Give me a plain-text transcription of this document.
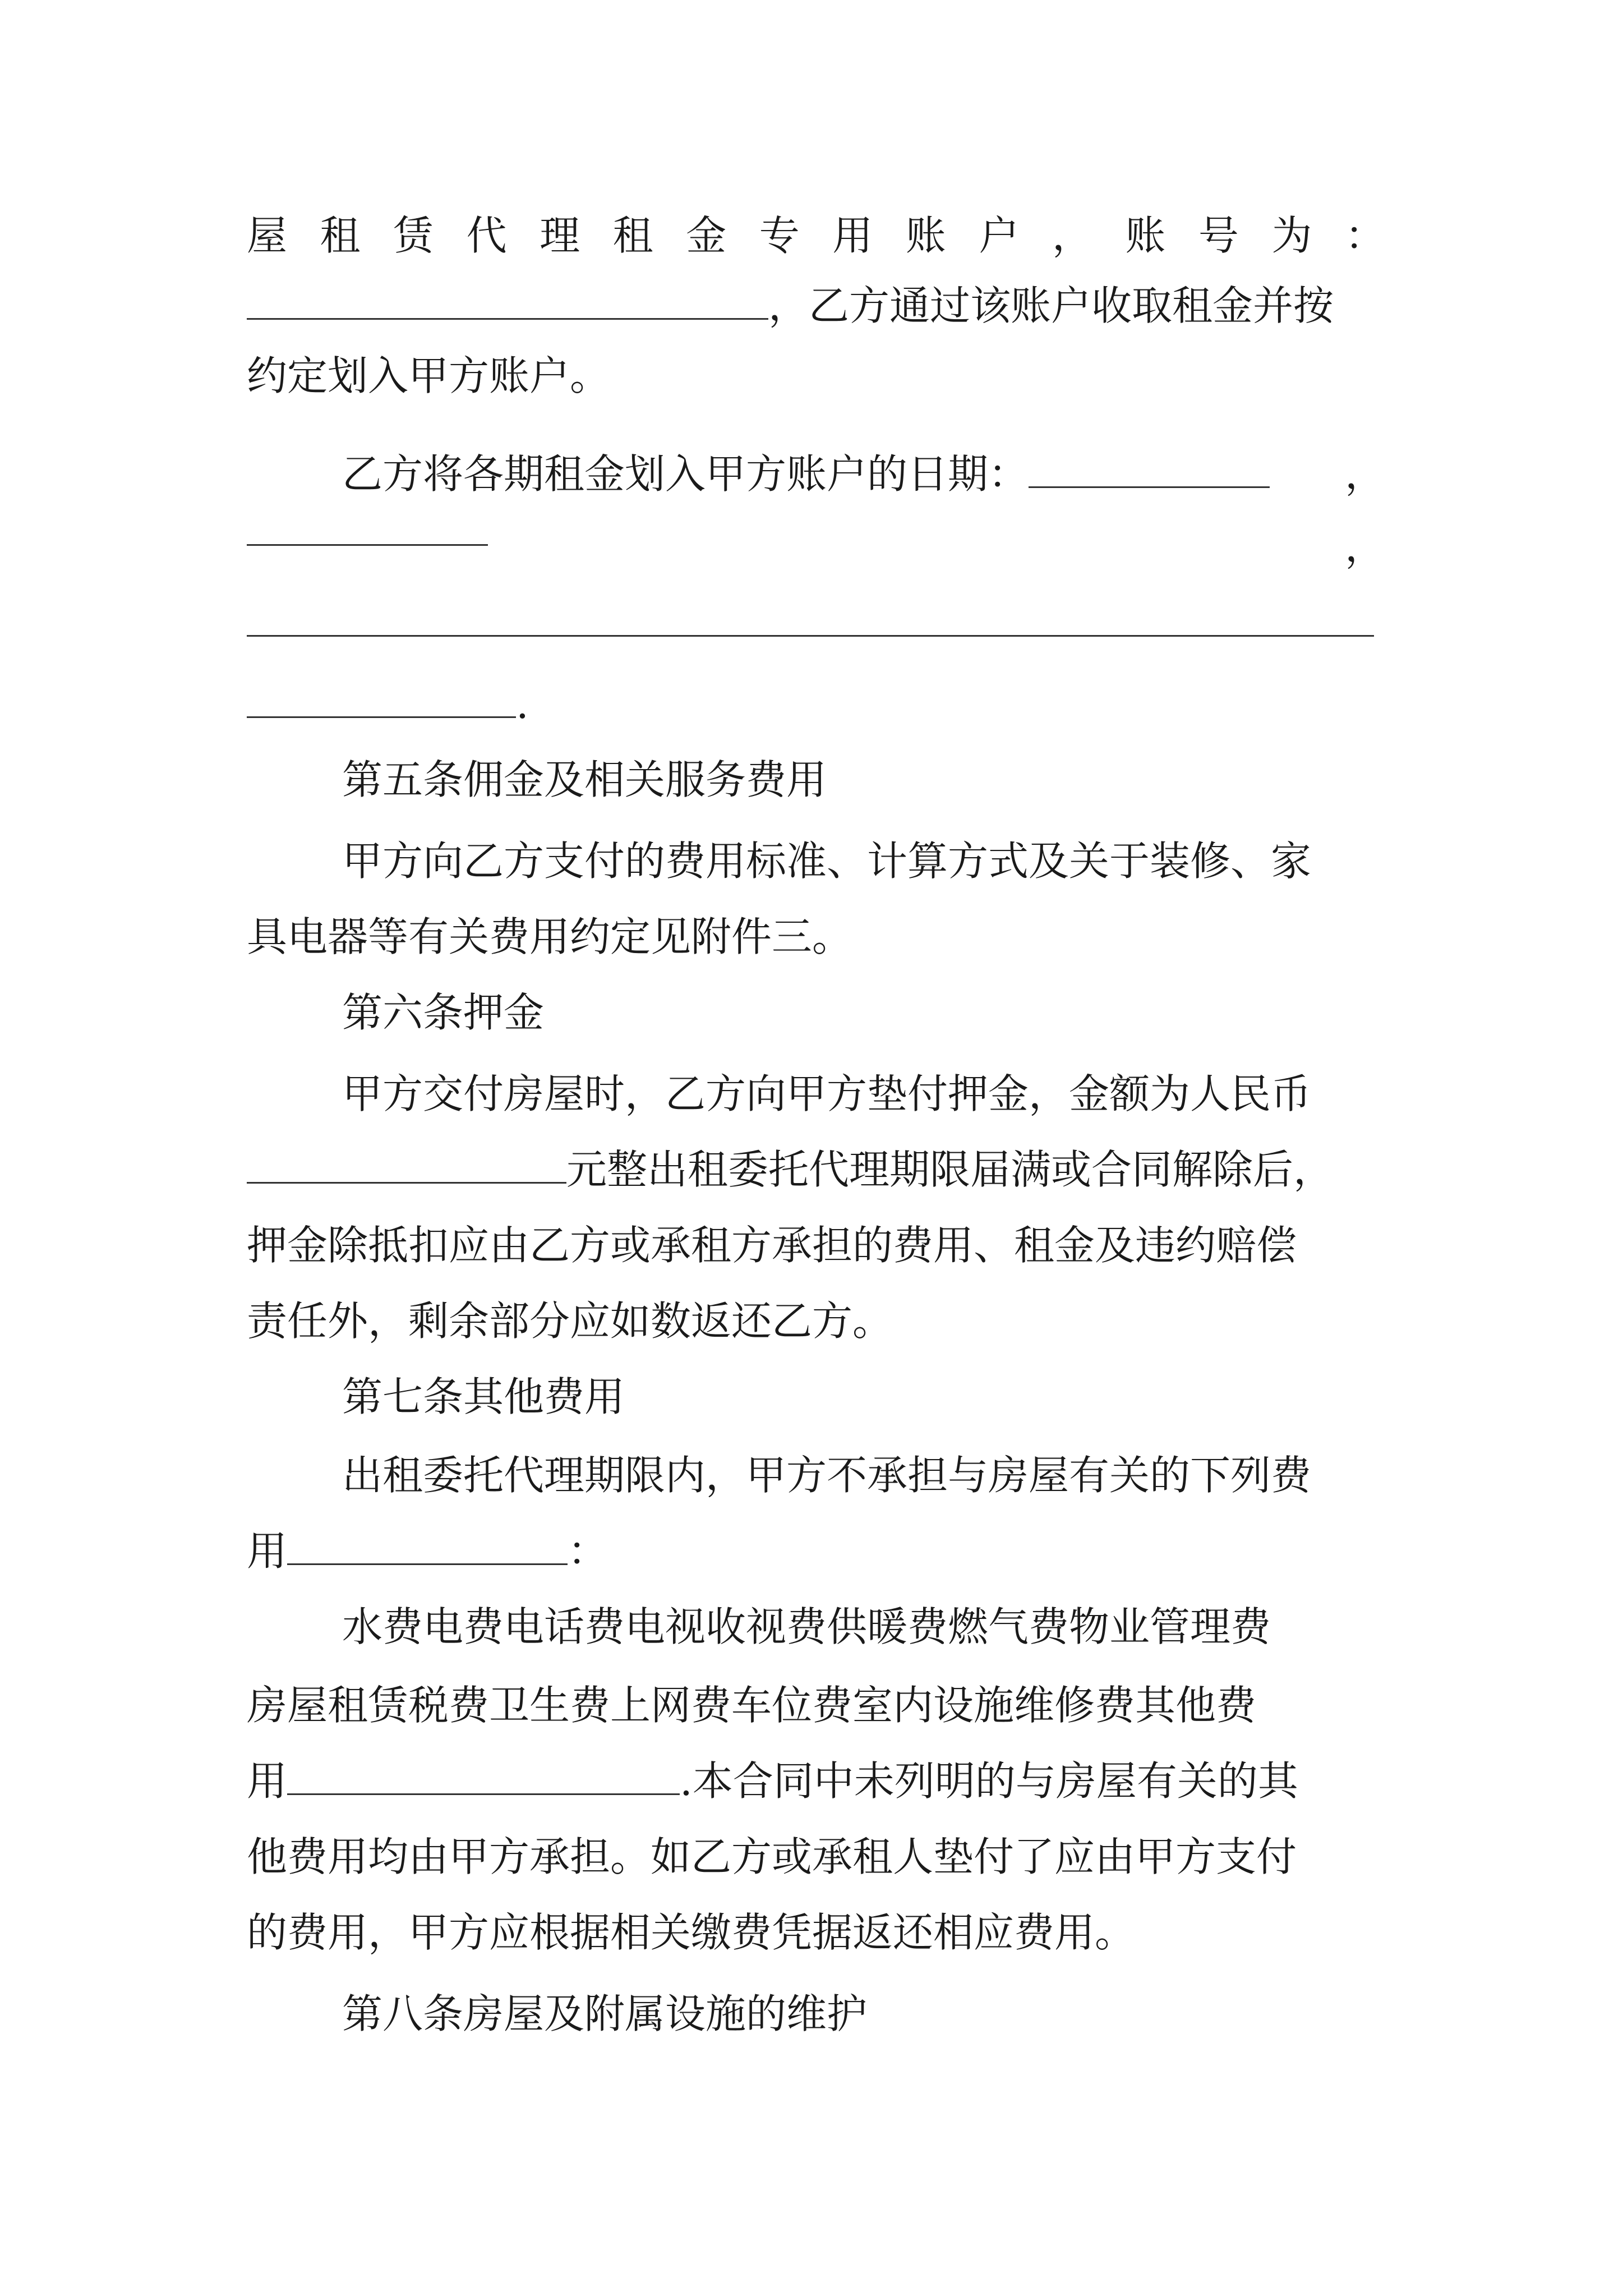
屋 租 赁 代 理 租 金 专 用 账 户 ， 账 号 为 ：
，乙方通过该账户收取租金并按
约定划入甲方账户。
乙方将各期租金划入甲方账户的日期：	，
，
.
第五条佣金及相关服务费用
甲方向乙方支付的费用标准、计算方式及关于装修、家
具电器等有关费用约定见附件三。
第六条押金
甲方交付房屋时，乙方向甲方垫付押金，金额为人民币
元整出租委托代理期限届满或合同解除后，
押金除抵扣应由乙方或承租方承担的费用、租金及违约赔偿
责任外，剩余部分应如数返还乙方。
第七条其他费用
出租委托代理期限内，甲方不承担与房屋有关的下列费
用	：
水费电费电话费电视收视费供暖费燃气费物业管理费
房屋租赁税费卫生费上网费车位费室内设施维修费其他费
用	.本合同中未列明的与房屋有关的其
他费用均由甲方承担。如乙方或承租人垫付了应由甲方支付
的费用，甲方应根据相关缴费凭据返还相应费用。
第八条房屋及附属设施的维护
